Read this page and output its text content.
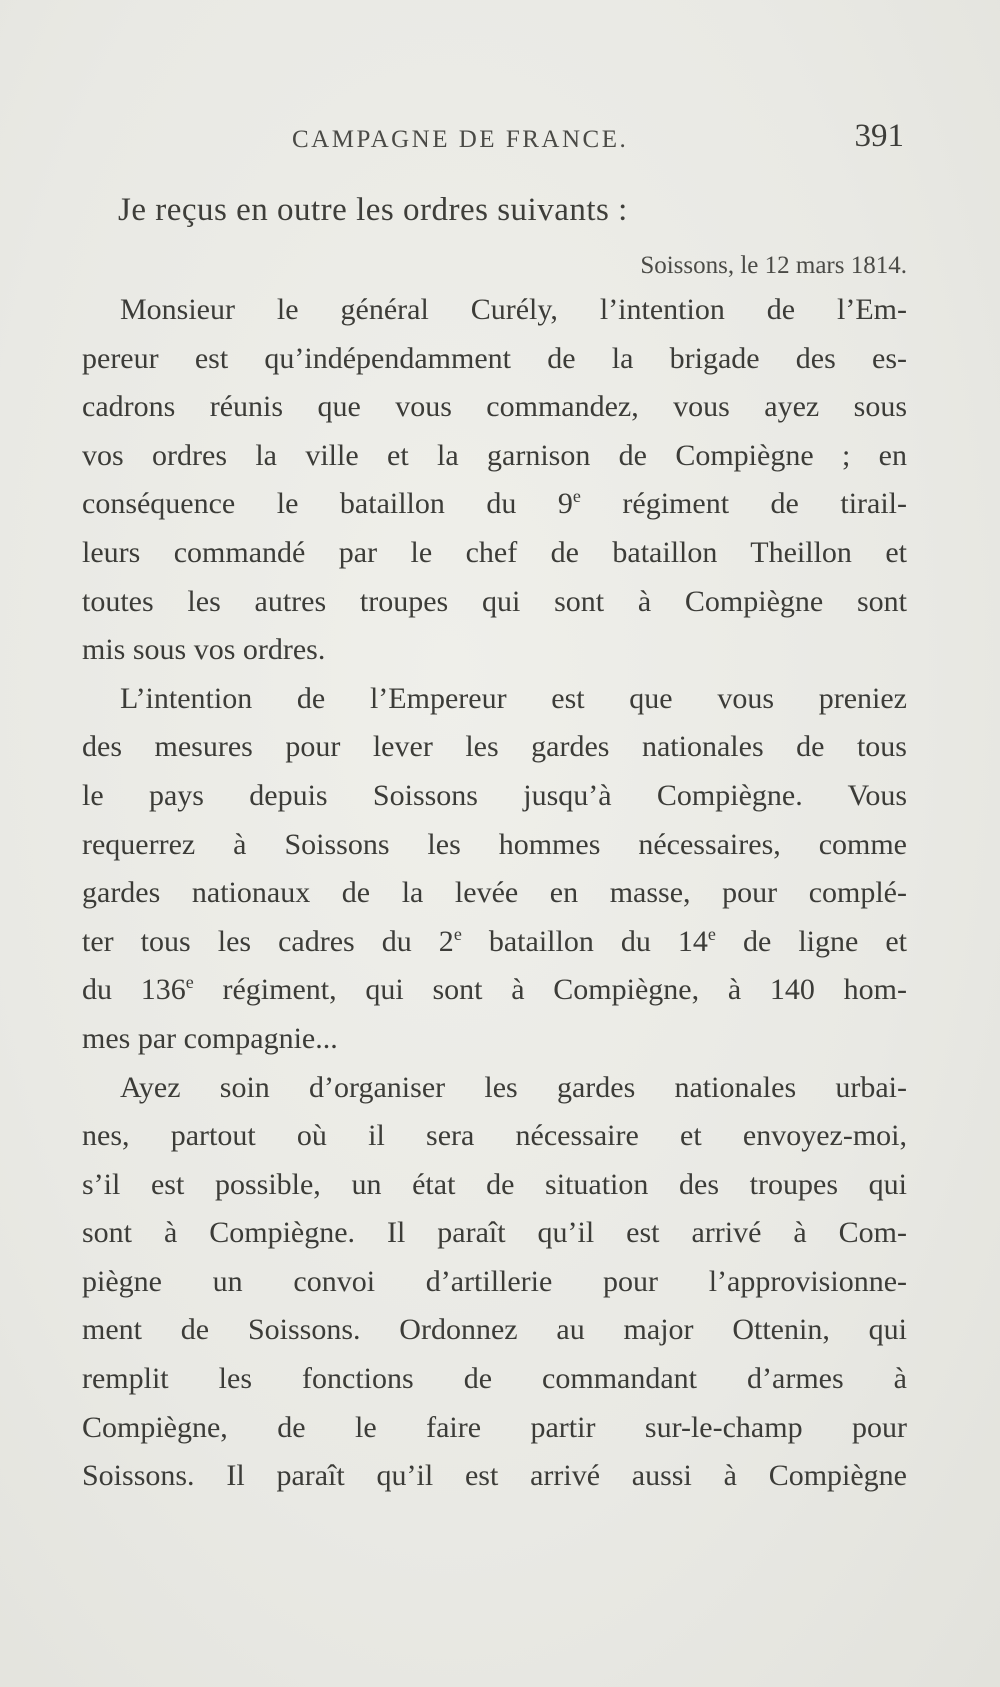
CAMPAGNE DE FRANCE.	391

Je reçus en outre les ordres suivants :

Soissons, le 12 mars 1814.

Monsieur le général Curély, l’intention de l’Em-
pereur est qu’indépendamment de la brigade des es-
cadrons réunis que vous commandez, vous ayez sous
vos ordres la ville et la garnison de Compiègne ; en
conséquence le bataillon du 9e régiment de tirail-
leurs commandé par le chef de bataillon Theillon et
toutes les autres troupes qui sont à Compiègne sont
mis sous vos ordres.

L’intention de l’Empereur est que vous preniez
des mesures pour lever les gardes nationales de tous
le pays depuis Soissons jusqu’à Compiègne. Vous
requerrez à Soissons les hommes nécessaires, comme
gardes nationaux de la levée en masse, pour complé-
ter tous les cadres du 2e bataillon du 14e de ligne et
du 136e régiment, qui sont à Compiègne, à 140 hom-
mes par compagnie...

Ayez soin d’organiser les gardes nationales urbai-
nes, partout où il sera nécessaire et envoyez-moi,
s’il est possible, un état de situation des troupes qui
sont à Compiègne. Il paraît qu’il est arrivé à Com-
piègne un convoi d’artillerie pour l’approvisionne-
ment de Soissons. Ordonnez au major Ottenin, qui
remplit les fonctions de commandant d’armes à
Compiègne, de le faire partir sur-le-champ pour
Soissons. Il paraît qu’il est arrivé aussi à Compiègne
